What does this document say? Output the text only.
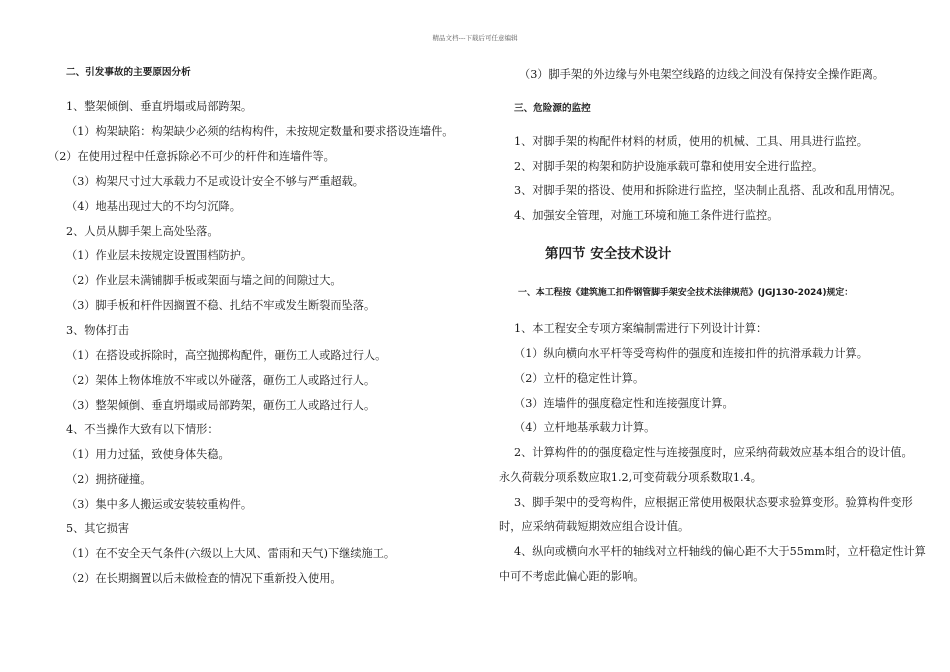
精品文档---下载后可任意编辑
二、引发事故的主要原因分析
1、整架倾倒、垂直坍塌或局部跨架。
（1）构架缺陷：构架缺少必须的结构构件，未按规定数量和要求搭设连墙件。
（2）在使用过程中任意拆除必不可少的杆件和连墙件等。
（3）构架尺寸过大承载力不足或设计安全不够与严重超载。
（4）地基出现过大的不均匀沉降。
2、人员从脚手架上高处坠落。
（1）作业层未按规定设置围档防护。
（2）作业层未满铺脚手板或架面与墙之间的间隙过大。
（3）脚手板和杆件因搁置不稳、扎结不牢或发生断裂而坠落。
3、物体打击
（1）在搭设或拆除时，高空抛掷构配件，砸伤工人或路过行人。
（2）架体上物体堆放不牢或以外碰落，砸伤工人或路过行人。
（3）整架倾倒、垂直坍塌或局部跨架，砸伤工人或路过行人。
4、不当操作大致有以下情形：
（1）用力过猛，致使身体失稳。
（2）拥挤碰撞。
（3）集中多人搬运或安装较重构件。
5、其它损害
（1）在不安全天气条件(六级以上大风、雷雨和天气)下继续施工。
（2）在长期搁置以后未做检查的情况下重新投入使用。
（3）脚手架的外边缘与外电架空线路的边线之间没有保持安全操作距离。
三、危险源的监控
1、对脚手架的构配件材料的材质，使用的机械、工具、用具进行监控。
2、对脚手架的构架和防护设施承载可靠和使用安全进行监控。
3、对脚手架的搭设、使用和拆除进行监控，坚决制止乱搭、乱改和乱用情况。
4、加强安全管理，对施工环境和施工条件进行监控。
第四节 安全技术设计
一、本工程按《建筑施工扣件钢管脚手架安全技术法律规范》(JGJ130-2024)规定：
1、本工程安全专项方案编制需进行下列设计计算：
（1）纵向横向水平杆等受弯构件的强度和连接扣件的抗滑承载力计算。
（2）立杆的稳定性计算。
（3）连墙件的强度稳定性和连接强度计算。
（4）立杆地基承载力计算。
2、计算构件的的强度稳定性与连接强度时，应采纳荷载效应基本组合的设计值。
永久荷载分项系数应取1.2,可变荷载分项系数取1.4。
3、脚手架中的受弯构件，应根据正常使用极限状态要求验算变形。验算构件变形
时，应采纳荷载短期效应组合设计值。
4、纵向或横向水平杆的轴线对立杆轴线的偏心距不大于55mm时，立杆稳定性计算
中可不考虑此偏心距的影响。
